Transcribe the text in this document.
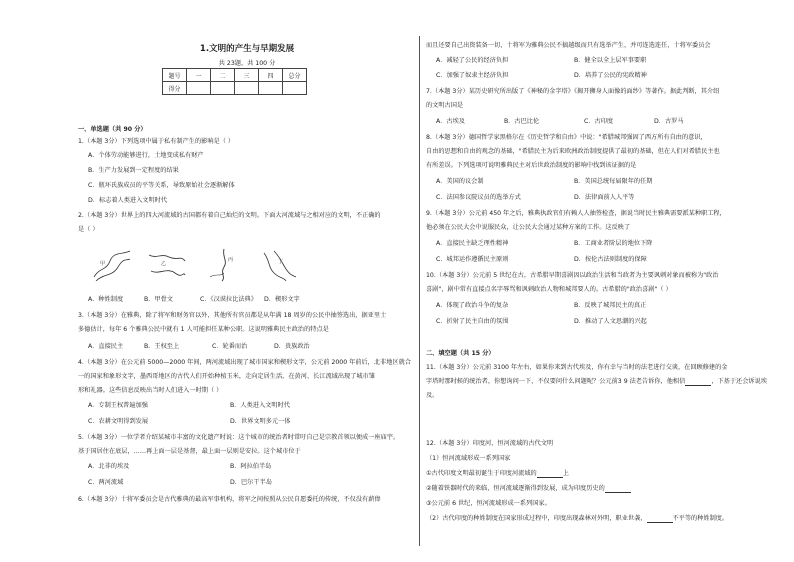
1.文明的产生与早期发展
共 23题，共 100 分
题号	一	二	三	四	总分
得分					
一、单选题（共 90 分）
1.（本题 3分）下列选项中属于私有制产生的影响是（ ）
A．个体劳动能够进行，土地变成私有财产
B．生产力发展到一定程度的结果
C．瓶坏氏族成员的平等关系，导致原始社会逐渐解体
D．标志着人类进入文明时代
2.（本题 3分）世界上的四大河流域的古国都有着自己灿烂的文明。下面大河流域与之相对应的文明，不正确的
是（ ）
甲	乙
丙	丁
A．种姓制度	B．甲骨文	C．《汉谟拉比法典》 D．楔形文字
3.（本题 3分）在雅典，除了将军和财务官以外，其他所有官员都是从年满 18 周岁的公民中抽签选出，据亚里士
多德估计，每年 6 个雅典公民中就有 1 人可能担任某种公职。这说明雅典民主政治的特点是
A．直接民主	B．王权至上	C．轮番而治	D．贵族政治
4.（本题 3分）在公元前 5000—2000 年间，两河流域出现了城市国家和楔形文字，公元前 2000 年前后，北非地区就合
一的国家和象形文字，墨西哥地区的古代人们开始种植玉米，走向定居生活，在黄河、长江流域出现了城市雏
形和礼器。这些信息反映出当时人们进入一时期（ ）
A．专制王权普遍加强	B．人类进入文明时代
C．农耕文明得到发展	D．世界文明多元一体
5.（本题 3分）一位学者介绍某城市丰富的文化遗产时说：这个城市的统治者时常吁自己是宗教首领以便成一座庙宇。
基于国居住在底层，……再上面一层是基督，最上面一层则是安拉。这个城市位于
A．北非的埃及	B．阿拉伯半岛
C．两河流域	D．巴尔干半岛
6.（本题 3分）十将军委员会是古代雅典的最高军事机构，将军之间按照从公民自愿委托的传统，不仅没有薪俸
而且还要自己出资装备一切，十将军为雅典公民不搞越级而只有选举产生，并可连选连任，十将军委员会
A．减轻了公民的经济负担	B．健全以全上层军事要职
C．加强了奴隶主经济负担	D．培养了公民的宪政精神
7.（本题 3分）某历史研究所出版了《神秘的金字塔》《揭开狮身人面像的面纱》等著作。据此判断，其介绍
的文明古国是
A．古埃及	B．古巴比伦	C．古印度	D．古罗马
8.（本题 3分）德国哲学家黑格尔在《历史哲学和自由》中说："希腊城邦强固了西方所有自由的意识，
自由的思想和自由的观念的基础，"希腊民主为后来欧洲政治制度提供了最初的基础，但在人们对希腊民主也
有所差误。下列选项可说明雅典民主对后世政治制度的影响中找到该证据的是
A．美国的议会制	B．美国总统每届限年的任期
C．法国参议院议员的选举方式	D．法律面前人人平等
9.（本题 3分）公元前 450 年之后，雅典执政官们有赖人人抽签检查，据说当时民主雅典需要派某种职工程，
他必须在公民大会中说服民众，让公民大会通过某种方案的工作。这反映了
A．直接民主缺乏理性精神	B．工商业者阶层的地位下降
C．城邦运作遵循民主原则	D．按伦古法则制度的保障
10.（本题 3分）公元前 5 世纪在古，古希腊早期喜剧因以政治生活和当政者为主要讽刺对象而被称为"政治
喜剧"，剧中常有直接点名字辱骂和讽刺政治人物和城邦要人的。古希腊的"政治喜剧"（ ）
A．体现了政治斗争的复杂	B．反映了城邦民主的真正
C．折射了民主自由的氛围	D．推动了人文思潮的兴起
二、填空题（共 15 分）
11.（本题 3分）公元前 3100 年左右，如果你来到古代埃及，你有幸与当时的法老进行交谈，在回顾修建的金
字塔时那时候的统治者，你想询问一下，不仅要问什么问题呢？公元前3 9 法老告诉你，他相信	，下基于还会诉说埃
及。
12.（本题 3分）印度河、恒河流域的古代文明
（1）恒河流域形成一系列国家
①古代印度文明最初诞生于印度河流域的	上
②随着铁器时代的来临，恒河流域逐渐得到发展，成为印度历史的
③公元前 6 世纪，恒河流域形成一系列国家。
（2）古代印度的种姓制度在国家形成过程中，印度出现森林对外明，职业世袭，	不平等的种姓制度。
